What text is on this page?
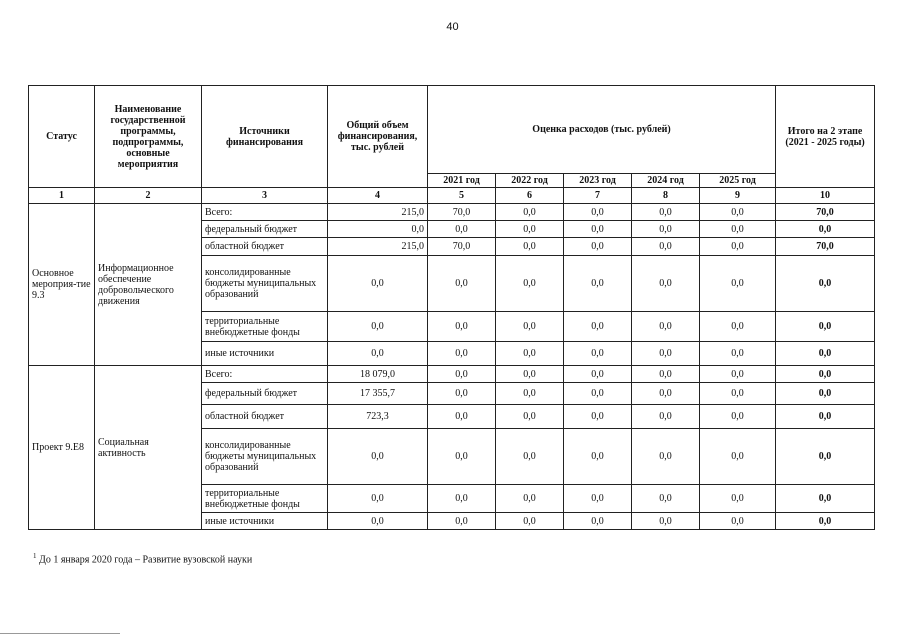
40
Статус	Наименование государственной программы, подпрограммы, основные мероприятия	Источники финансирования	Общий объем финансирования, тыс. рублей	Оценка расходов (тыс. рублей)					Итого на 2 этапе (2021 - 2025 годы)
				2021 год	2022 год	2023 год	2024 год	2025 год	
1	2	3	4	5	6	7	8	9	10
Основное мероприя-тие 9.3	Информационное обеспечение добровольческого движения	Всего:	215,0	70,0	0,0	0,0	0,0	0,0	70,0
		федеральный бюджет	0,0	0,0	0,0	0,0	0,0	0,0	0,0
		областной бюджет	215,0	70,0	0,0	0,0	0,0	0,0	70,0
		консолидированные бюджеты муниципальных образований	0,0	0,0	0,0	0,0	0,0	0,0	0,0
		территориальные внебюджетные фонды	0,0	0,0	0,0	0,0	0,0	0,0	0,0
		иные источники	0,0	0,0	0,0	0,0	0,0	0,0	0,0
Проект 9.Е8	Социальная активность	Всего:	18 079,0	0,0	0,0	0,0	0,0	0,0	0,0
		федеральный бюджет	17 355,7	0,0	0,0	0,0	0,0	0,0	0,0
		областной бюджет	723,3	0,0	0,0	0,0	0,0	0,0	0,0
		консолидированные бюджеты муниципальных образований	0,0	0,0	0,0	0,0	0,0	0,0	0,0
		территориальные внебюджетные фонды	0,0	0,0	0,0	0,0	0,0	0,0	0,0
		иные источники	0,0	0,0	0,0	0,0	0,0	0,0	0,0
$^1$ До 1 января 2020 года – Развитие вузовской науки
